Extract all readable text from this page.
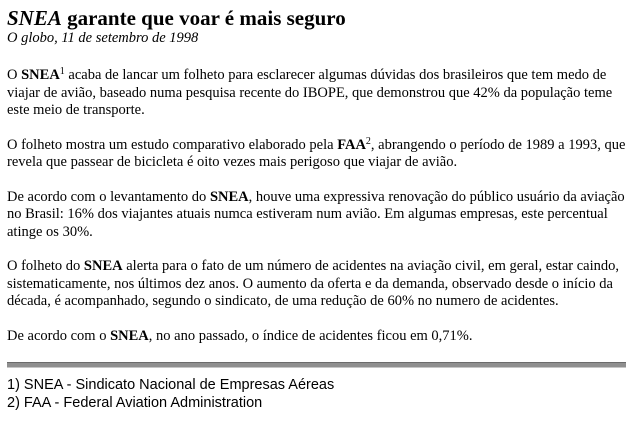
SNEA garante que voar é mais seguro

O globo, 11 de setembro de 1998

O SNEA$^1$ acaba de lancar um folheto para esclarecer algumas dúvidas dos brasileiros que tem medo de viajar de avião, baseado numa pesquisa recente do IBOPE, que demonstrou que 42% da população teme este meio de transporte.

O folheto mostra um estudo comparativo elaborado pela FAA$^2$, abrangendo o período de 1989 a 1993, que revela que passear de bicicleta é oito vezes mais perigoso que viajar de avião.

De acordo com o levantamento do SNEA, houve uma expressiva renovação do público usuário da aviação no Brasil: 16% dos viajantes atuais numca estiveram num avião. Em algumas empresas, este percentual atinge os 30%.

O folheto do SNEA alerta para o fato de um número de acidentes na aviação civil, em geral, estar caindo, sistematicamente, nos últimos dez anos. O aumento da oferta e da demanda, observado desde o início da década, é acompanhado, segundo o sindicato, de uma redução de 60% no numero de acidentes.

De acordo com o SNEA, no ano passado, o índice de acidentes ficou em 0,71%.

1) SNEA - Sindicato Nacional de Empresas Aéreas

2) FAA - Federal Aviation Administration
